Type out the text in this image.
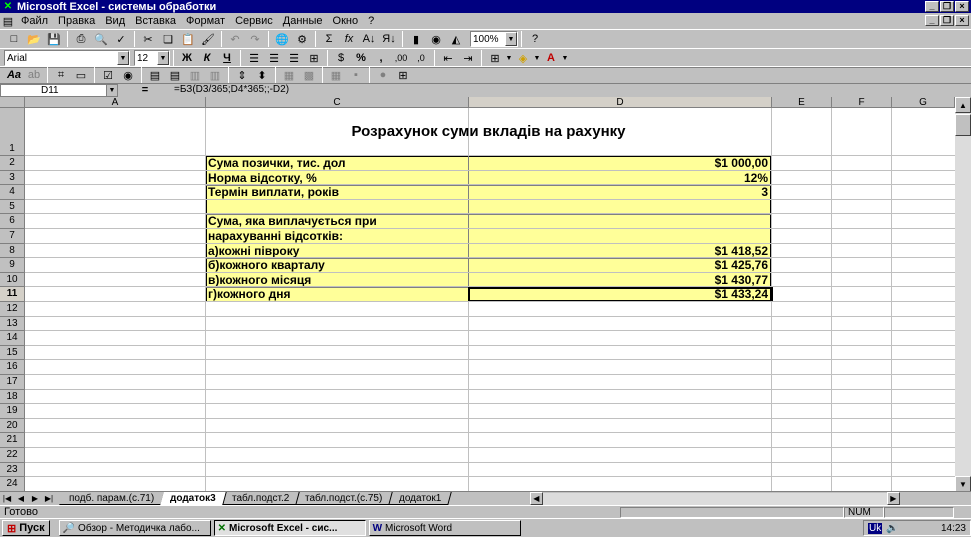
✕ Microsoft Excel - системы обработки	_ ❐ ×
▤ Файл Правка Вид Вставка Формат Сервис Данные Окно ?	_ ❐ ×
□ 📂 💾	⎙ 🔍 ✓	✂ ❏ 📋 🖌	↶ ↷	🌐 ⚙	Σ	fx A↓ Я↓	▮	◉ ◭	100%	▼	?
Arial	▼ 12	▼	Ж	К	Ч	☰ ☰ ☰ ⊞	$	%	,	,00	,0	⇤ ⇥	⊞ ▼ ◈ ▼ A ▼
Aa ab	⌗	▭	☑ ◉	▤ ▤ ▥ ▥	⇕ ⬍	▦ ▩	▦	▪	●	⊞
D11	▼	=	=БЗ(D3/365;D4*365;;-D2)
A	C	D	E	F	G
1
2
3
4
5
6
7
8
9
10
11
12
13
14
15
16
17
18
19
20
21
22
23
24
Розрахунок суми вкладів на рахунку
Сума позички, тис. дол	$1 000,00
Норма відсотку, %	12%
Термін виплати, років	3
Сума, яка виплачується при
нарахуванні відсотків:
а)кожні півроку	$1 418,52
б)кожного кварталу	$1 425,76
в)кожного місяця	$1 430,77
г)кожного дня	$1 433,24
▲
▼
|◀ ◀ ▶ ▶|	подб. парам.(с.71)	додаток3	табл.подст.2	табл.подст.(с.75)	додаток1	◀	▶
Готово	NUM
⊞ Пуск 🔎 Обзор - Методичка лабо... ✕ Microsoft Excel - сис...	W Microsoft Word	Uk 🔊	14:23
